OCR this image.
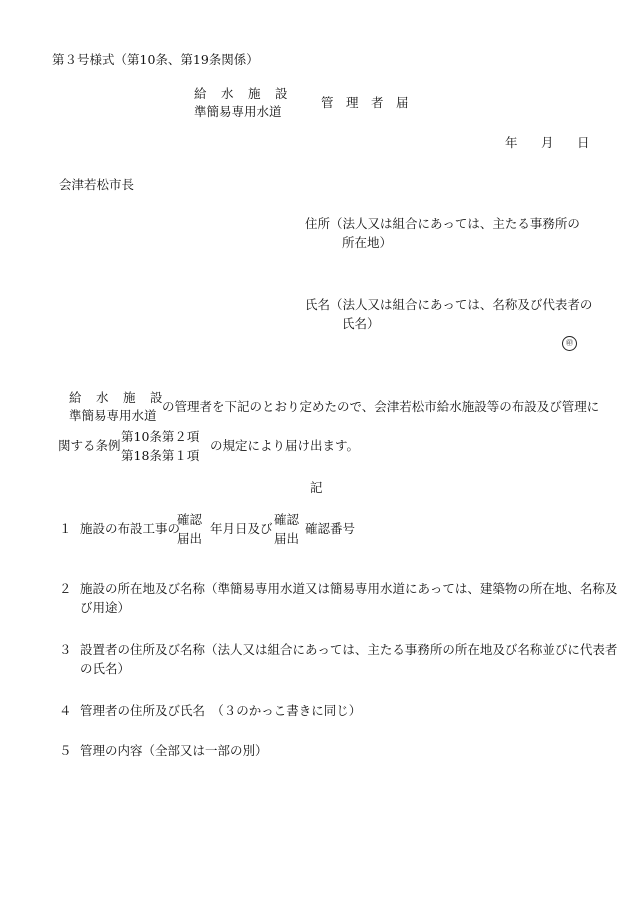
第３号様式（第10条、第19条関係）
給　水　施　設
準簡易専用水道
管　理　者　届
年 月 日
会津若松市長
住所（法人又は組合にあっては、主たる事務所の
所在地）
氏名（法人又は組合にあっては、名称及び代表者の
氏名）
㊞
給　水　施　設
準簡易専用水道
の管理者を下記のとおり定めたので、会津若松市給水施設等の布設及び管理に
関する条例
第10条第２項
第18条第１項
の規定により届け出ます。
記
１ 施設の布設工事の
確認
届出
年月日及び
確認
届出
確認番号
２ 施設の所在地及び名称（準簡易専用水道又は簡易専用水道にあっては、建築物の所在地、名称及
び用途）
３ 設置者の住所及び名称（法人又は組合にあっては、主たる事務所の所在地及び名称並びに代表者
の氏名）
４ 管理者の住所及び氏名　（３のかっこ書きに同じ）
５ 管理の内容（全部又は一部の別）
